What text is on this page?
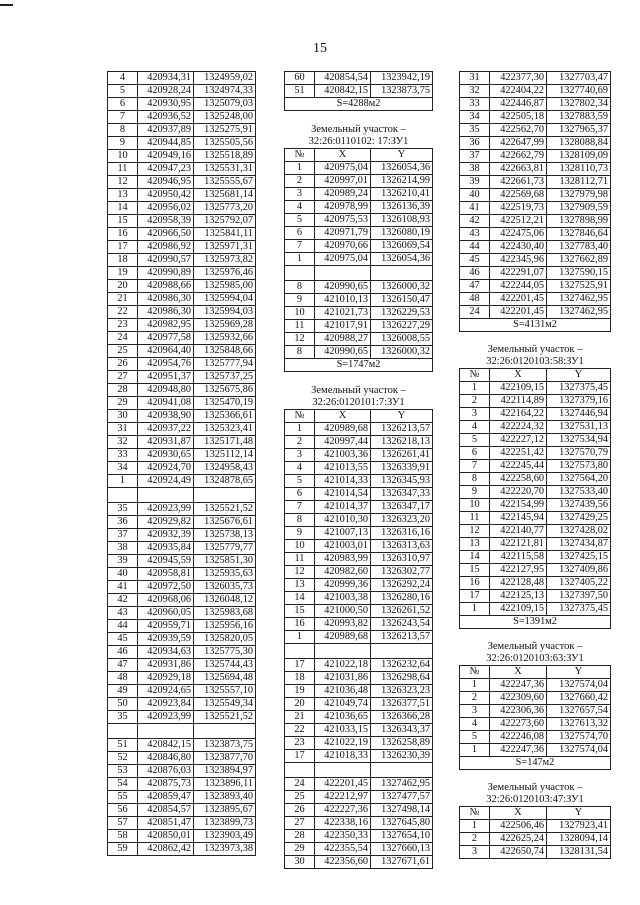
15
4	420934,31	1324959,02
5	420928,24	1324974,33
6	420930,95	1325079,03
7	420936,52	1325248,00
8	420937,89	1325275,91
9	420944,85	1325505,56
10	420949,16	1325518,89
11	420947,23	1325531,31
12	420946,95	1325555,67
13	420950,42	1325681,14
14	420956,02	1325773,20
15	420958,39	1325792,07
16	420966,50	1325841,11
17	420986,92	1325971,31
18	420990,57	1325973,82
19	420990,89	1325976,46
20	420988,66	1325985,00
21	420986,30	1325994,04
22	420986,30	1325994,03
23	420982,95	1325969,28
24	420977,58	1325932,66
25	420964,40	1325848,66
26	420954,76	1325777,94
27	420951,37	1325737,25
28	420948,80	1325675,86
29	420941,08	1325470,19
30	420938,90	1325366,61
31	420937,22	1325323,41
32	420931,87	1325171,48
33	420930,65	1325112,14
34	420924,70	1324958,43
1	420924,49	1324878,65

35	420923,99	1325521,52
36	420929,82	1325676,61
37	420932,39	1325738,13
38	420935,84	1325779,77
39	420945,59	1325851,30
40	420958,81	1325935,63
41	420972,50	1326035,73
42	420968,06	1326048,12
43	420960,05	1325983,68
44	420959,71	1325956,16
45	420939,59	1325820,05
46	420934,63	1325775,30
47	420931,86	1325744,43
48	420929,18	1325694,48
49	420924,65	1325557,10
50	420923,84	1325549,34
35	420923,99	1325521,52

51	420842,15	1323873,75
52	420846,80	1323877,70
53	420876,03	1323894,97
54	420875,73	1323896,11
55	420859,47	1323893,40
56	420854,57	1323895,67
57	420851,47	1323899,73
58	420850,01	1323903,49
59	420862,42	1323973,38
60	420854,54	1323942,19
51	420842,15	1323873,75
S=4288м2		
Земельный участок –
32:26:0110102: 17:ЗУ1
№	X	Y
1	420975,04	1326054,36
2	420997,01	1326214,99
3	420989,24	1326210,41
4	420978,99	1326136,39
5	420975,53	1326108,93
6	420971,79	1326080,19
7	420970,66	1326069,54
1	420975,04	1326054,36

8	420990,65	1326000,32
9	421010,13	1326150,47
10	421021,73	1326229,53
11	421017,91	1326227,29
12	420988,27	1326008,55
8	420990,65	1326000,32
S=1747м2		
Земельный участок –
32:26:0120101:7:ЗУ1
№	X	Y
1	420989,68	1326213,57
2	420997,44	1326218,13
3	421003,36	1326261,41
4	421013,55	1326339,91
5	421014,33	1326345,93
6	421014,54	1326347,33
7	421014,37	1326347,17
8	421010,30	1326323,20
9	421007,13	1326316,16
10	421003,01	1326313,63
11	420983,99	1326310,97
12	420982,60	1326302,77
13	420999,36	1326292,24
14	421003,38	1326280,16
15	421000,50	1326261,52
16	420993,82	1326243,54
1	420989,68	1326213,57

17	421022,18	1326232,64
18	421031,86	1326298,64
19	421036,48	1326323,23
20	421049,74	1326377,51
21	421036,65	1326366,28
22	421033,15	1326343,37
23	421022,19	1326258,89
17	421018,33	1326230,39

24	422201,45	1327462,95
25	422212,97	1327477,57
26	422227,36	1327498,14
27	422338,16	1327645,80
28	422350,33	1327654,10
29	422355,54	1327660,13
30	422356,60	1327671,61
31	422377,30	1327703,47
32	422404,22	1327740,69
33	422446,87	1327802,34
34	422505,18	1327883,59
35	422562,70	1327965,37
36	422647,99	1328088,84
37	422662,79	1328109,09
38	422663,81	1328110,73
39	422661,73	1328112,71
40	422569,68	1327979,98
41	422519,73	1327909,59
42	422512,21	1327898,99
43	422475,06	1327846,64
44	422430,40	1327783,40
45	422345,96	1327662,89
46	422291,07	1327590,15
47	422244,05	1327525,91
48	422201,45	1327462,95
24	422201,45	1327462,95
S=4131м2		
Земельный участок –
32:26:0120103:58:ЗУ1
№	X	Y
1	422109,15	1327375,45
2	422114,89	1327379,16
3	422164,22	1327446,94
4	422224,32	1327531,13
5	422227,12	1327534,94
6	422251,42	1327570,79
7	422245,44	1327573,80
8	422258,60	1327564,20
9	422220,70	1327533,40
10	422154,99	1327439,56
11	422145,94	1327429,25
12	422140,77	1327428,02
13	422121,81	1327434,87
14	422115,58	1327425,15
15	422127,95	1327409,86
16	422128,48	1327405,22
17	422125,13	1327397,50
1	422109,15	1327375,45
S=1391м2		
Земельный участок –
32:26:0120103:63:ЗУ1
№	X	Y
1	422247,36	1327574,04
2	422309,60	1327660,42
3	422306,36	1327657,54
4	422273,60	1327613,32
5	422246,08	1327574,70
1	422247,36	1327574,04
S=147м2		
Земельный участок –
32:26:0120103:47:ЗУ1
№	X	Y
1	422506,46	1327923,41
2	422625,24	1328094,14
3	422650,74	1328131,54
